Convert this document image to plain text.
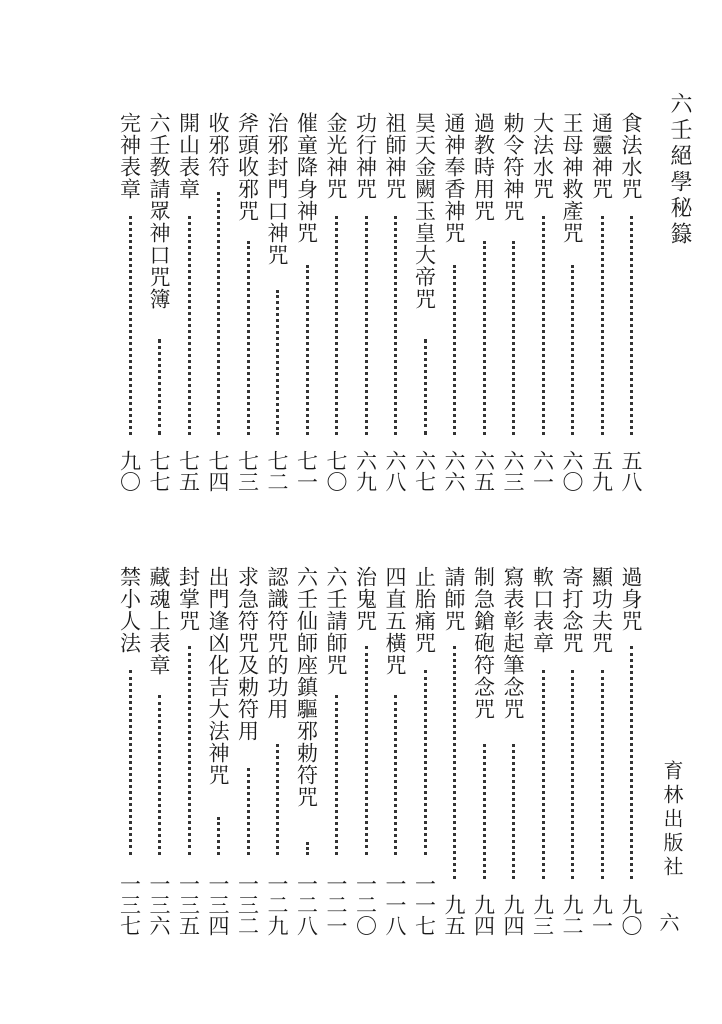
六壬絕學秘籙
育林出版社
六
食法水咒
五八
通靈神咒
五九
王母神救產咒
六〇
大法水咒
六一
勅令符神咒
六三
過教時用咒
六五
通神奉香神咒
六六
昊天金闕玉皇大帝咒
六七
祖師神咒
六八
功行神咒
六九
金光神咒
七〇
催童降身神咒
七一
治邪封門口神咒
七二
斧頭收邪咒
七三
收邪符
七四
開山表章
七五
六壬教請眾神口咒簿
七七
完神表章
九〇
過身咒
九〇
顯功夫咒
九一
寄打念咒
九二
軟口表章
九三
寫表彰起筆念咒
九四
制急鎗砲符念咒
九四
請師咒
九五
止胎痛咒
一一七
四直五橫咒
一一八
治鬼咒
一二〇
六壬請師咒
一二一
六壬仙師座鎮驅邪勅符咒
一二八
認識符咒的功用
一二九
求急符咒及勅符用
一三二
出門逢凶化吉大法神咒
一三四
封掌咒
一三五
藏魂上表章
一三六
禁小人法
一三七
